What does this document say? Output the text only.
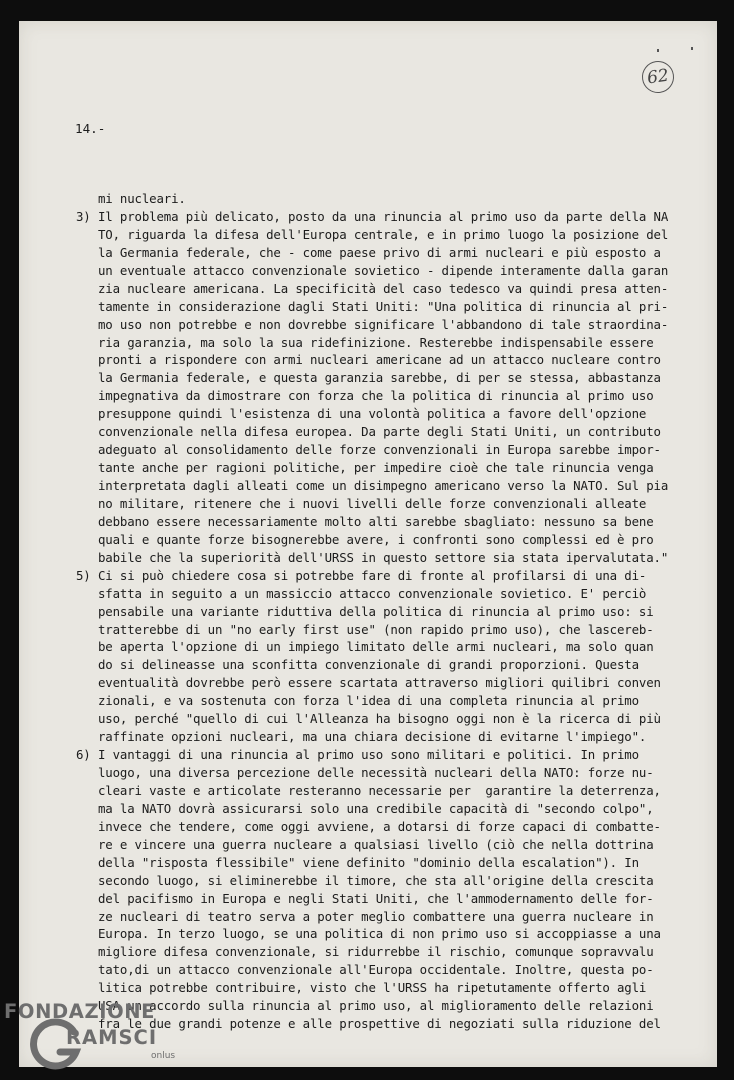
62
14.-
mi nucleari.
3) Il problema più delicato, posto da una rinuncia al primo uso da parte della NA
TO, riguarda la difesa dell'Europa centrale, e in primo luogo la posizione del
la Germania federale, che - come paese privo di armi nucleari e più esposto a
un eventuale attacco convenzionale sovietico - dipende interamente dalla garan
zia nucleare americana. La specificità del caso tedesco va quindi presa atten-
tamente in considerazione dagli Stati Uniti: "Una politica di rinuncia al pri-
mo uso non potrebbe e non dovrebbe significare l'abbandono di tale straordina-
ria garanzia, ma solo la sua ridefinizione. Resterebbe indispensabile essere
pronti a rispondere con armi nucleari americane ad un attacco nucleare contro
la Germania federale, e questa garanzia sarebbe, di per se stessa, abbastanza
impegnativa da dimostrare con forza che la politica di rinuncia al primo uso
presuppone quindi l'esistenza di una volontà politica a favore dell'opzione
convenzionale nella difesa europea. Da parte degli Stati Uniti, un contributo
adeguato al consolidamento delle forze convenzionali in Europa sarebbe impor-
tante anche per ragioni politiche, per impedire cioè che tale rinuncia venga
interpretata dagli alleati come un disimpegno americano verso la NATO. Sul pia
no militare, ritenere che i nuovi livelli delle forze convenzionali alleate
debbano essere necessariamente molto alti sarebbe sbagliato: nessuno sa bene
quali e quante forze bisognerebbe avere, i confronti sono complessi ed è pro
babile che la superiorità dell'URSS in questo settore sia stata ipervalutata."
5) Ci si può chiedere cosa si potrebbe fare di fronte al profilarsi di una di-
sfatta in seguito a un massiccio attacco convenzionale sovietico. E' perciò
pensabile una variante riduttiva della politica di rinuncia al primo uso: si
tratterebbe di un "no early first use" (non rapido primo uso), che lascereb-
be aperta l'opzione di un impiego limitato delle armi nucleari, ma solo quan
do si delineasse una sconfitta convenzionale di grandi proporzioni. Questa
eventualità dovrebbe però essere scartata attraverso migliori quilibri conven
zionali, e va sostenuta con forza l'idea di una completa rinuncia al primo
uso, perché "quello di cui l'Alleanza ha bisogno oggi non è la ricerca di più
raffinate opzioni nucleari, ma una chiara decisione di evitarne l'impiego".
6) I vantaggi di una rinuncia al primo uso sono militari e politici. In primo
luogo, una diversa percezione delle necessità nucleari della NATO: forze nu-
cleari vaste e articolate resteranno necessarie per  garantire la deterrenza,
ma la NATO dovrà assicurarsi solo una credibile capacità di "secondo colpo",
invece che tendere, come oggi avviene, a dotarsi di forze capaci di combatte-
re e vincere una guerra nucleare a qualsiasi livello (ciò che nella dottrina
della "risposta flessibile" viene definito "dominio della escalation"). In
secondo luogo, si eliminerebbe il timore, che sta all'origine della crescita
del pacifismo in Europa e negli Stati Uniti, che l'ammodernamento delle for-
ze nucleari di teatro serva a poter meglio combattere una guerra nucleare in
Europa. In terzo luogo, se una politica di non primo uso si accoppiasse a una
migliore difesa convenzionale, si ridurrebbe il rischio, comunque sopravvalu
tato,di un attacco convenzionale all'Europa occidentale. Inoltre, questa po-
litica potrebbe contribuire, visto che l'URSS ha ripetutamente offerto agli
USA un accordo sulla rinuncia al primo uso, al miglioramento delle relazioni
fra le due grandi potenze e alle prospettive di negoziati sulla riduzione del
FONDAZIONE
RAMSCI
onlus
